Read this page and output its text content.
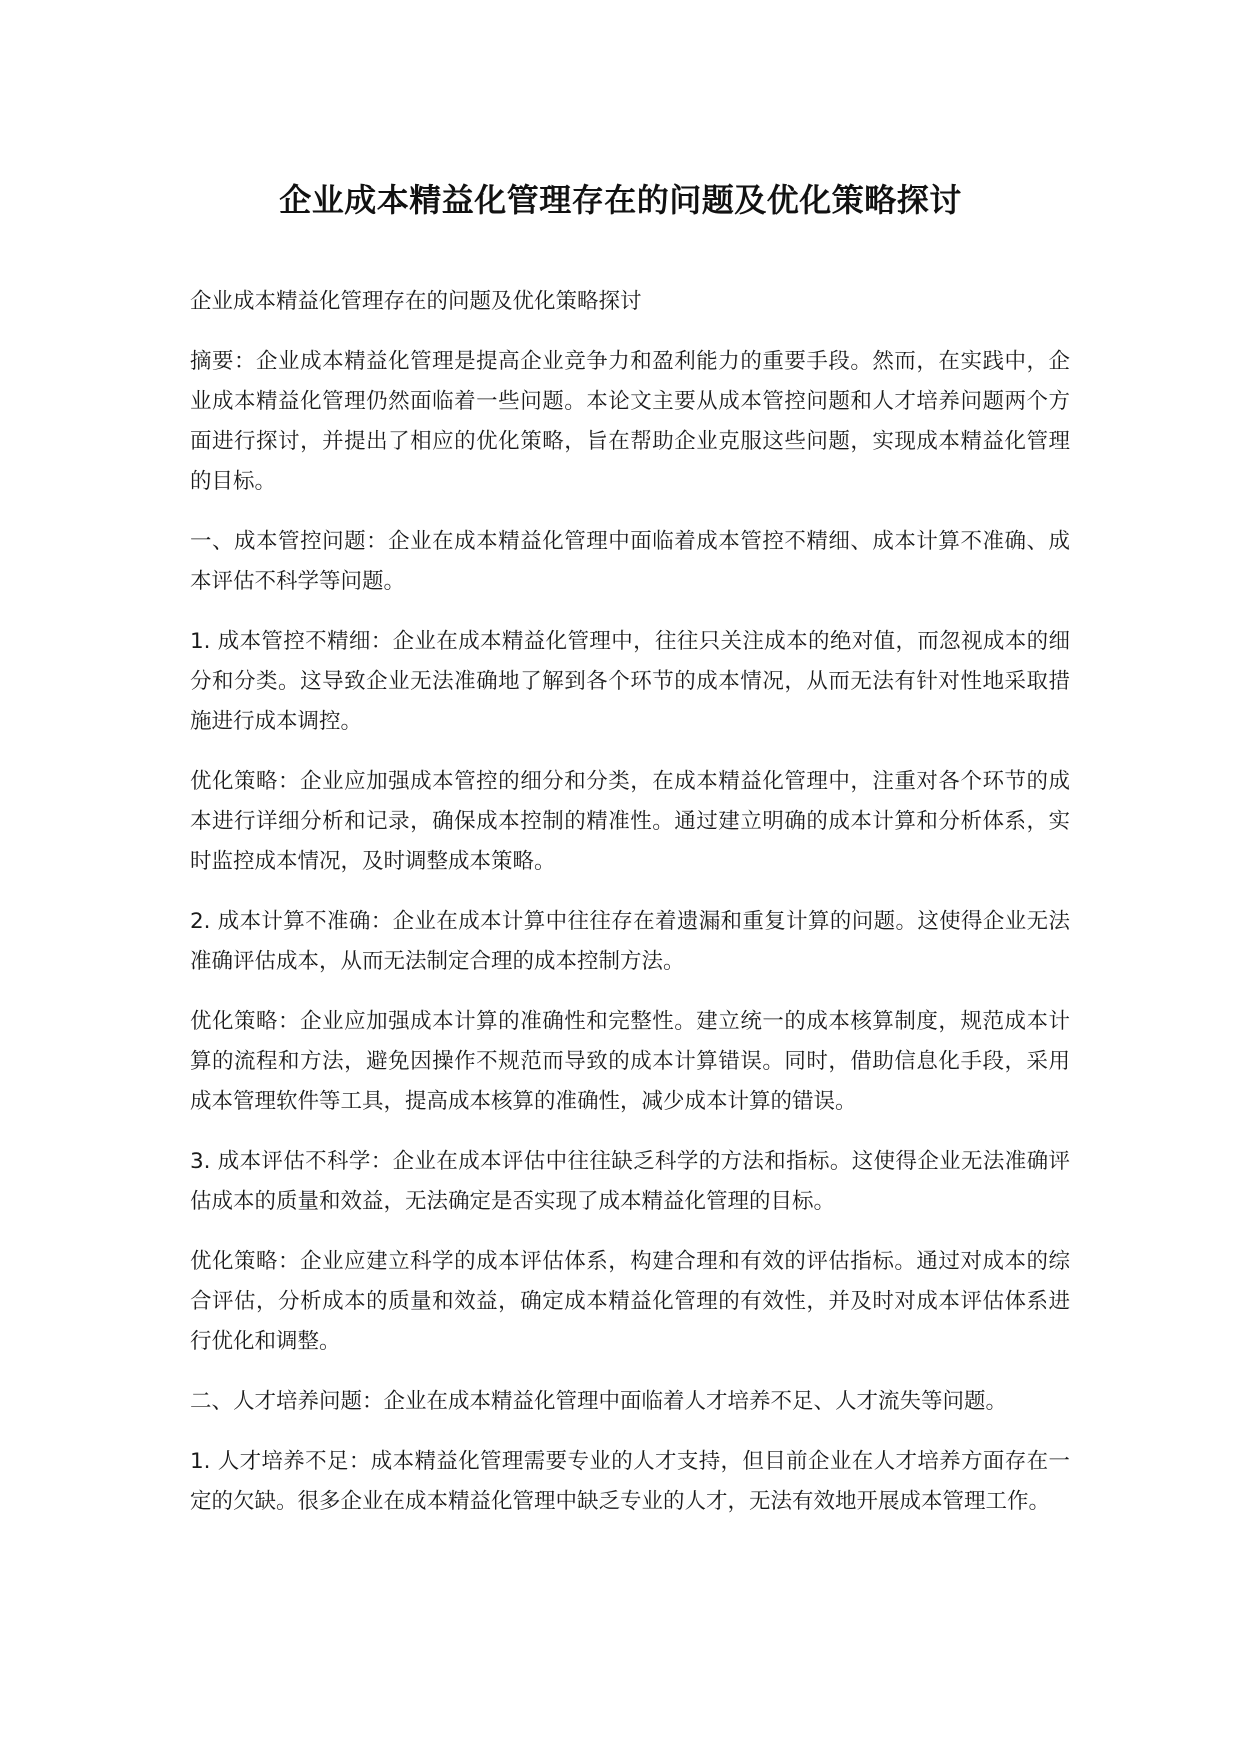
企业成本精益化管理存在的问题及优化策略探讨

企业成本精益化管理存在的问题及优化策略探讨

摘要：企业成本精益化管理是提高企业竞争力和盈利能力的重要手段。然而，在实践中，企业成本精益化管理仍然面临着一些问题。本论文主要从成本管控问题和人才培养问题两个方面进行探讨，并提出了相应的优化策略，旨在帮助企业克服这些问题，实现成本精益化管理的目标。

一、成本管控问题：企业在成本精益化管理中面临着成本管控不精细、成本计算不准确、成本评估不科学等问题。

1. 成本管控不精细：企业在成本精益化管理中，往往只关注成本的绝对值，而忽视成本的细分和分类。这导致企业无法准确地了解到各个环节的成本情况，从而无法有针对性地采取措施进行成本调控。

优化策略：企业应加强成本管控的细分和分类，在成本精益化管理中，注重对各个环节的成本进行详细分析和记录，确保成本控制的精准性。通过建立明确的成本计算和分析体系，实时监控成本情况，及时调整成本策略。

2. 成本计算不准确：企业在成本计算中往往存在着遗漏和重复计算的问题。这使得企业无法准确评估成本，从而无法制定合理的成本控制方法。

优化策略：企业应加强成本计算的准确性和完整性。建立统一的成本核算制度，规范成本计算的流程和方法，避免因操作不规范而导致的成本计算错误。同时，借助信息化手段，采用成本管理软件等工具，提高成本核算的准确性，减少成本计算的错误。

3. 成本评估不科学：企业在成本评估中往往缺乏科学的方法和指标。这使得企业无法准确评估成本的质量和效益，无法确定是否实现了成本精益化管理的目标。

优化策略：企业应建立科学的成本评估体系，构建合理和有效的评估指标。通过对成本的综合评估，分析成本的质量和效益，确定成本精益化管理的有效性，并及时对成本评估体系进行优化和调整。

二、人才培养问题：企业在成本精益化管理中面临着人才培养不足、人才流失等问题。

1. 人才培养不足：成本精益化管理需要专业的人才支持，但目前企业在人才培养方面存在一定的欠缺。很多企业在成本精益化管理中缺乏专业的人才，无法有效地开展成本管理工作。
